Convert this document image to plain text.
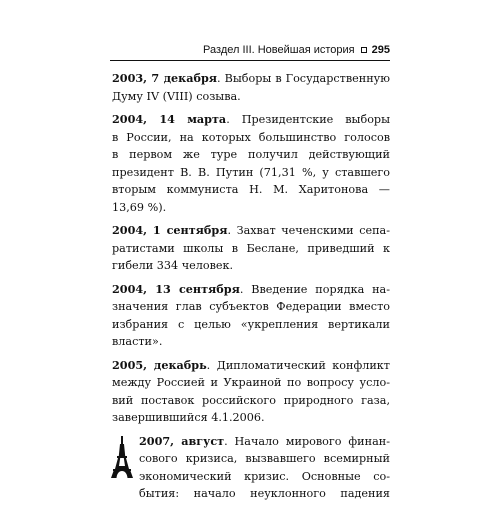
Раздел III. Новейшая история 295
2003, 7 декабря. Выборы в Государственную
Думу IV (VIII) созыва.
2004, 14 марта. Президентские выборы
в России, на которых большинство голосов
в первом же туре получил действующий
президент В. В. Путин (71,31 %, у ставшего
вторым коммуниста Н. М. Харитонова —
13,69 %).
2004, 1 сентября. Захват чеченскими сепа-
ратистами школы в Беслане, приведший к
гибели 334 человек.
2004, 13 сентября. Введение порядка на-
значения глав субъектов Федерации вместо
избрания с целью «укрепления вертикали
власти».
2005, декабрь. Дипломатический конфликт
между Россией и Украиной по вопросу усло-
вий поставок российского природного газа,
завершившийся 4.1.2006.
2007, август. Начало мирового финан-
сового кризиса, вызвавшего всемирный
экономический кризис. Основные со-
бытия: начало неуклонного падения
